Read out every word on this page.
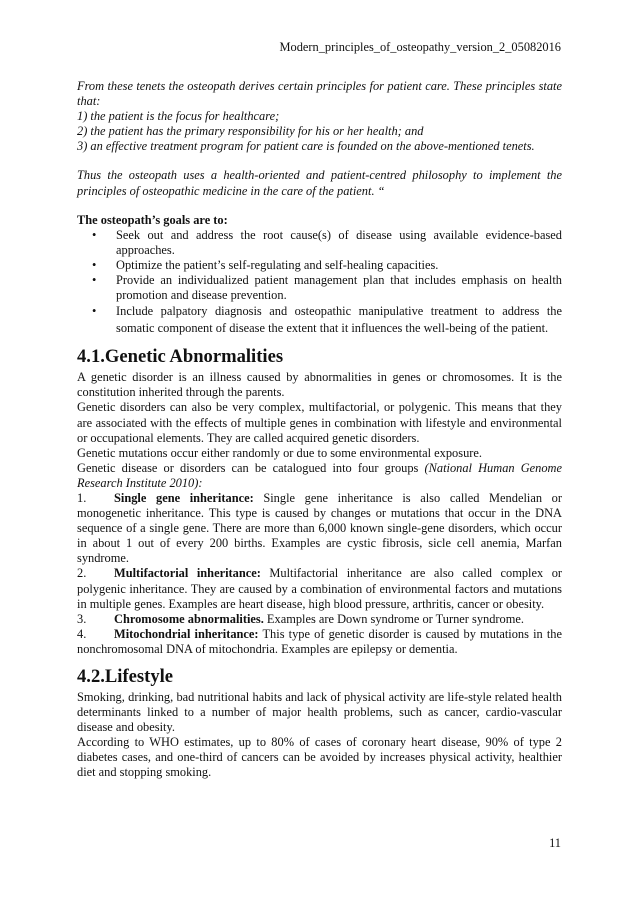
Modern_principles_of_osteopathy_version_2_05082016

From these tenets the osteopath derives certain principles for patient care. These principles state that:

1) the patient is the focus for healthcare;

2) the patient has the primary responsibility for his or her health; and

3) an effective treatment program for patient care is founded on the above-mentioned tenets.

Thus the osteopath uses a health-oriented and patient-centred philosophy to implement the principles of osteopathic medicine in the care of the patient. “

The osteopath’s goals are to:

• Seek out and address the root cause(s) of disease using available evidence-based approaches.
• Optimize the patient’s self-regulating and self-healing capacities.
• Provide an individualized patient management plan that includes emphasis on health promotion and disease prevention.
• Include palpatory diagnosis and osteopathic manipulative treatment to address the somatic component of disease the extent that it influences the well-being of the patient.
4.1.Genetic Abnormalities

A genetic disorder is an illness caused by abnormalities in genes or chromosomes. It is the constitution inherited through the parents.

Genetic disorders can also be very complex, multifactorial, or polygenic. This means that they are associated with the effects of multiple genes in combination with lifestyle and environmental or occupational elements. They are called acquired genetic disorders.

Genetic mutations occur either randomly or due to some environmental exposure.

Genetic disease or disorders can be catalogued into four groups (National Human Genome Research Institute 2010):

1. Single gene inheritance: Single gene inheritance is also called Mendelian or monogenetic inheritance. This type is caused by changes or mutations that occur in the DNA sequence of a single gene. There are more than 6,000 known single-gene disorders, which occur in about 1 out of every 200 births. Examples are cystic fibrosis, sicle cell anemia, Marfan syndrome.

2. Multifactorial inheritance: Multifactorial inheritance are also called complex or polygenic inheritance. They are caused by a combination of environmental factors and mutations in multiple genes. Examples are heart disease, high blood pressure, arthritis, cancer or obesity.

3. Chromosome abnormalities. Examples are Down syndrome or Turner syndrome.

4. Mitochondrial inheritance: This type of genetic disorder is caused by mutations in the nonchromosomal DNA of mitochondria. Examples are epilepsy or dementia.

4.2.Lifestyle

Smoking, drinking, bad nutritional habits and lack of physical activity are life-style related health determinants linked to a number of major health problems, such as cancer, cardio-vascular disease and obesity.

According to WHO estimates, up to 80% of cases of coronary heart disease, 90% of type 2 diabetes cases, and one-third of cancers can be avoided by increases physical activity, healthier diet and stopping smoking.

11
